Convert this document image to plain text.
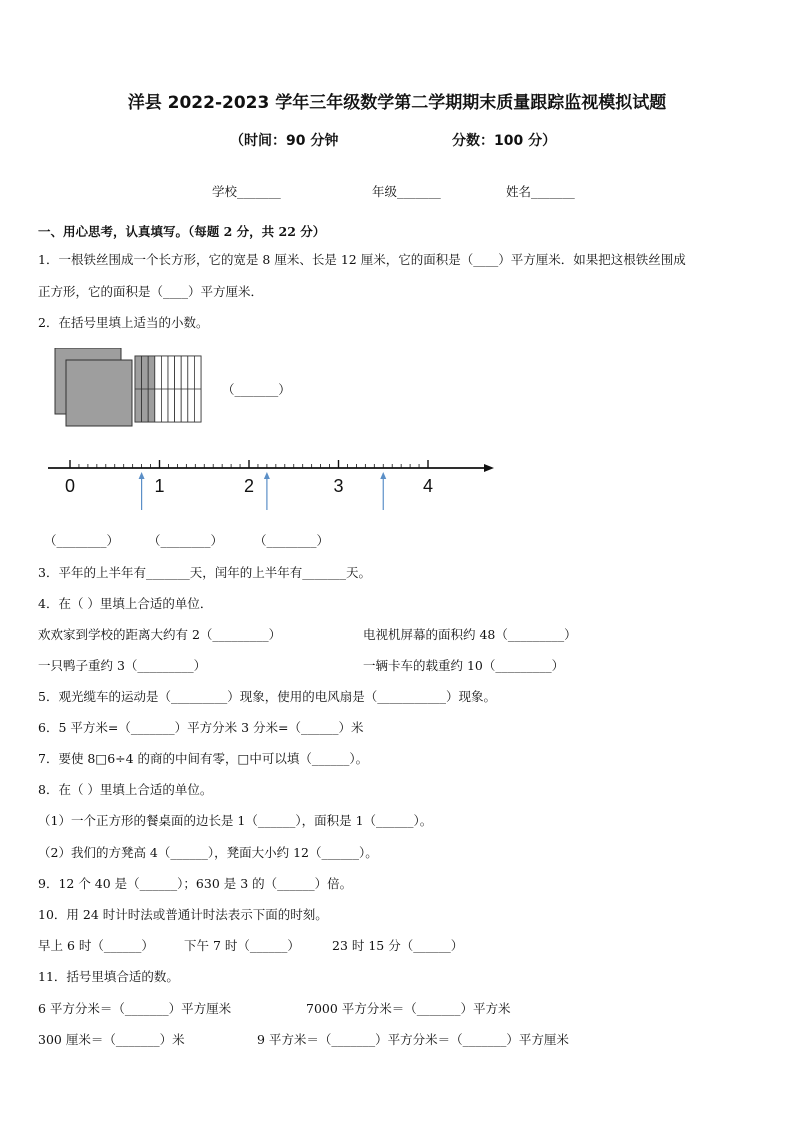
洋县 2022-2023 学年三年级数学第二学期期末质量跟踪监视模拟试题
（时间：90 分钟	分数：100 分）
学校_______	年级_______	姓名_______
一、用心思考，认真填写。（每题 2 分，共 22 分）
1．一根铁丝围成一个长方形，它的宽是 8 厘米、长是 12 厘米，它的面积是（____）平方厘米．如果把这根铁丝围成
正方形，它的面积是（____）平方厘米．
2．在括号里填上适当的小数。
（_______）
0	1	2	3	4
（________） （________） （________）
3．平年的上半年有_______天，闰年的上半年有_______天。
4．在（ ）里填上合适的单位．
欢欢家到学校的距离大约有 2（_________）	电视机屏幕的面积约 48（_________）
一只鸭子重约 3（_________）	一辆卡车的载重约 10（_________）
5．观光缆车的运动是（_________）现象，使用的电风扇是（___________）现象。
6．5 平方米=（_______）平方分米 3 分米=（______）米
7．要使 8□6÷4 的商的中间有零，□中可以填（______）。
8．在（ ）里填上合适的单位。
（1）一个正方形的餐桌面的边长是 1（______），面积是 1（______）。
（2）我们的方凳高 4（______），凳面大小约 12（______）。
9．12 个 40 是（______）；630 是 3 的（______）倍。
10．用 24 时计时法或普通计时法表示下面的时刻。
早上 6 时（______） 下午 7 时（______）	23 时 15 分（______）
11．括号里填合适的数。
6 平方分米＝（_______）平方厘米	7000 平方分米＝（_______）平方米
300 厘米＝（_______）米	9 平方米＝（_______）平方分米＝（_______）平方厘米
